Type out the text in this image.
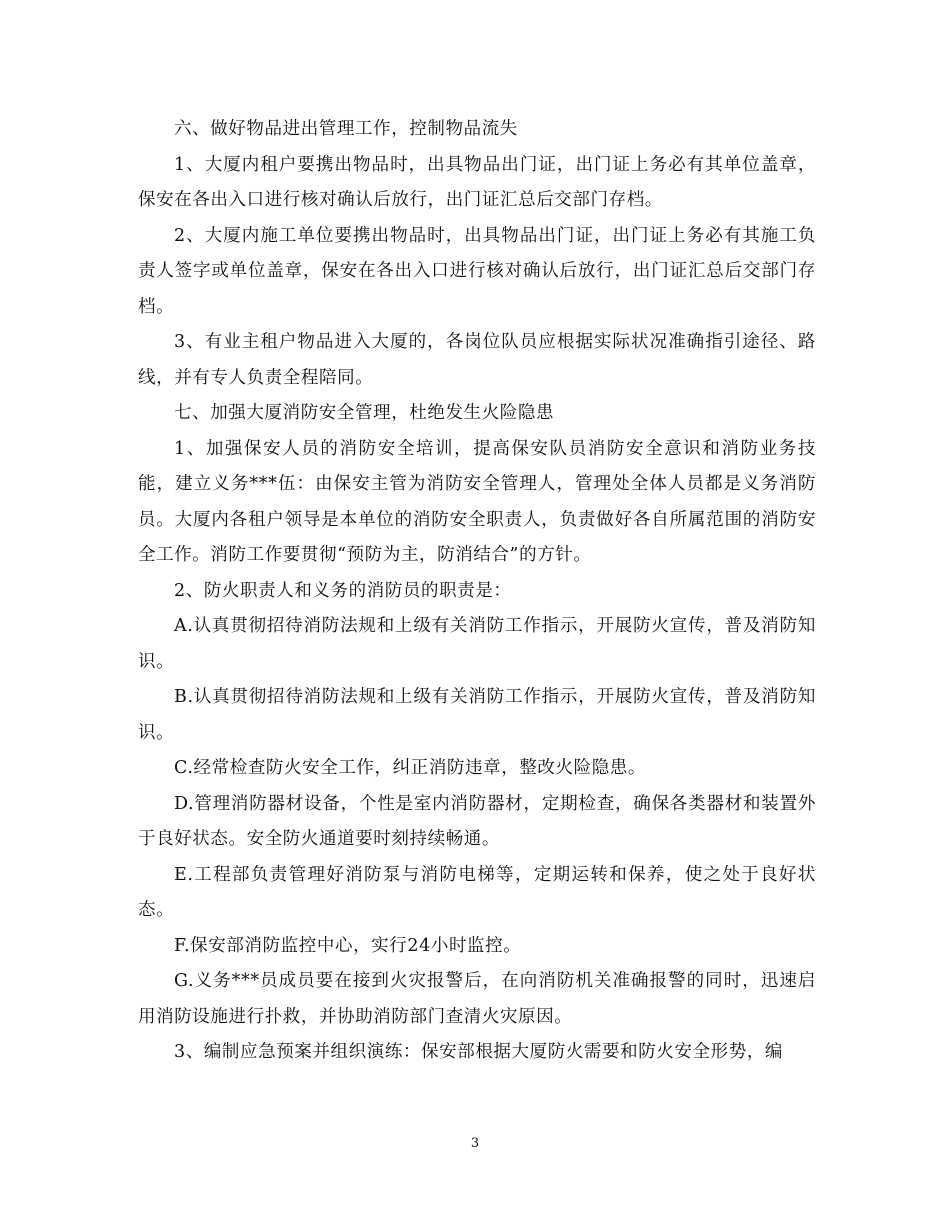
六、做好物品进出管理工作，控制物品流失

1、大厦内租户要携出物品时，出具物品出门证，出门证上务必有其单位盖章，保安在各出入口进行核对确认后放行，出门证汇总后交部门存档。

2、大厦内施工单位要携出物品时，出具物品出门证，出门证上务必有其施工负责人签字或单位盖章，保安在各出入口进行核对确认后放行，出门证汇总后交部门存档。

3、有业主租户物品进入大厦的，各岗位队员应根据实际状况准确指引途径、路线，并有专人负责全程陪同。

七、加强大厦消防安全管理，杜绝发生火险隐患

1、加强保安人员的消防安全培训，提高保安队员消防安全意识和消防业务技能，建立义务***伍：由保安主管为消防安全管理人，管理处全体人员都是义务消防员。大厦内各租户领导是本单位的消防安全职责人，负责做好各自所属范围的消防安全工作。消防工作要贯彻“预防为主，防消结合”的方针。

2、防火职责人和义务的消防员的职责是：

A.认真贯彻招待消防法规和上级有关消防工作指示，开展防火宣传，普及消防知识。

B.认真贯彻招待消防法规和上级有关消防工作指示，开展防火宣传，普及消防知识。

C.经常检查防火安全工作，纠正消防违章，整改火险隐患。

D.管理消防器材设备，个性是室内消防器材，定期检查，确保各类器材和装置外于良好状态。安全防火通道要时刻持续畅通。

E.工程部负责管理好消防泵与消防电梯等，定期运转和保养，使之处于良好状态。

F.保安部消防监控中心，实行24小时监控。

G.义务***员成员要在接到火灾报警后，在向消防机关准确报警的同时，迅速启用消防设施进行扑救，并协助消防部门查清火灾原因。

3、编制应急预案并组织演练：保安部根据大厦防火需要和防火安全形势，编

3
